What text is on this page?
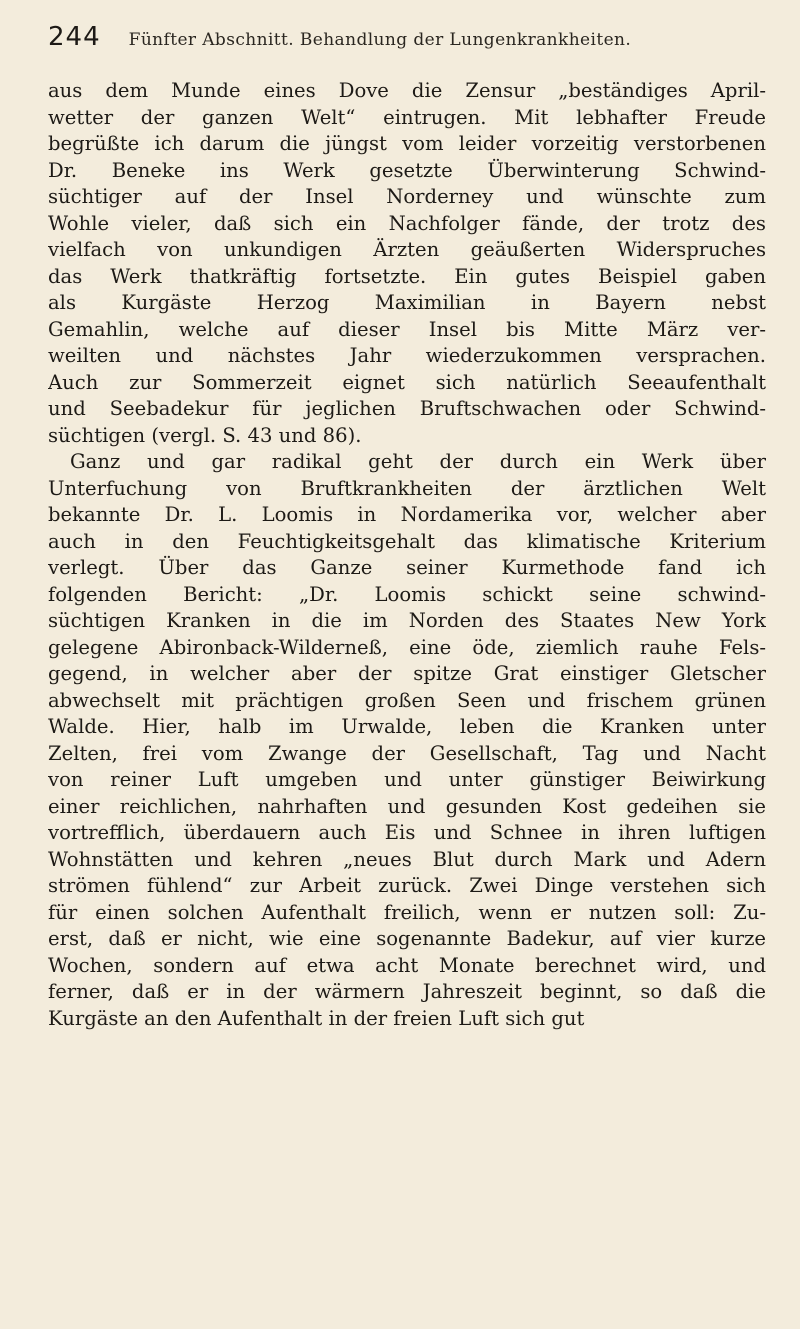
244 Fünfter Abschnitt. Behandlung der Lungenkrankheiten.
aus dem Munde eines Dove die Zensur „beständiges April-
wetter der ganzen Welt“ eintrugen. Mit lebhafter Freude
begrüßte ich darum die jüngst vom leider vorzeitig verstorbenen
Dr. Beneke ins Werk gesetzte Überwinterung Schwind-
süchtiger auf der Insel Norderney und wünschte zum
Wohle vieler, daß sich ein Nachfolger fände, der trotz des
vielfach von unkundigen Ärzten geäußerten Widerspruches
das Werk thatkräftig fortsetzte. Ein gutes Beispiel gaben
als Kurgäste Herzog Maximilian in Bayern nebst
Gemahlin, welche auf dieser Insel bis Mitte März ver-
weilten und nächstes Jahr wiederzukommen versprachen.
Auch zur Sommerzeit eignet sich natürlich Seeaufenthalt
und Seebadekur für jeglichen Bruftschwachen oder Schwind-
süchtigen (vergl. S. 43 und 86).
Ganz und gar radikal geht der durch ein Werk über
Unterfuchung von Bruftkrankheiten der ärztlichen Welt
bekannte Dr. L. Loomis in Nordamerika vor, welcher aber
auch in den Feuchtigkeitsgehalt das klimatische Kriterium
verlegt. Über das Ganze seiner Kurmethode fand ich
folgenden Bericht: „Dr. Loomis schickt seine schwind-
süchtigen Kranken in die im Norden des Staates New York
gelegene Abironback-Wilderneß, eine öde, ziemlich rauhe Fels-
gegend, in welcher aber der spitze Grat einstiger Gletscher
abwechselt mit prächtigen großen Seen und frischem grünen
Walde. Hier, halb im Urwalde, leben die Kranken unter
Zelten, frei vom Zwange der Gesellschaft, Tag und Nacht
von reiner Luft umgeben und unter günstiger Beiwirkung
einer reichlichen, nahrhaften und gesunden Kost gedeihen sie
vortrefflich, überdauern auch Eis und Schnee in ihren luftigen
Wohnstätten und kehren „neues Blut durch Mark und Adern
strömen fühlend“ zur Arbeit zurück. Zwei Dinge verstehen sich
für einen solchen Aufenthalt freilich, wenn er nutzen soll: Zu-
erst, daß er nicht, wie eine sogenannte Badekur, auf vier kurze
Wochen, sondern auf etwa acht Monate berechnet wird, und
ferner, daß er in der wärmern Jahreszeit beginnt, so daß die
Kurgäste an den Aufenthalt in der freien Luft sich gut
